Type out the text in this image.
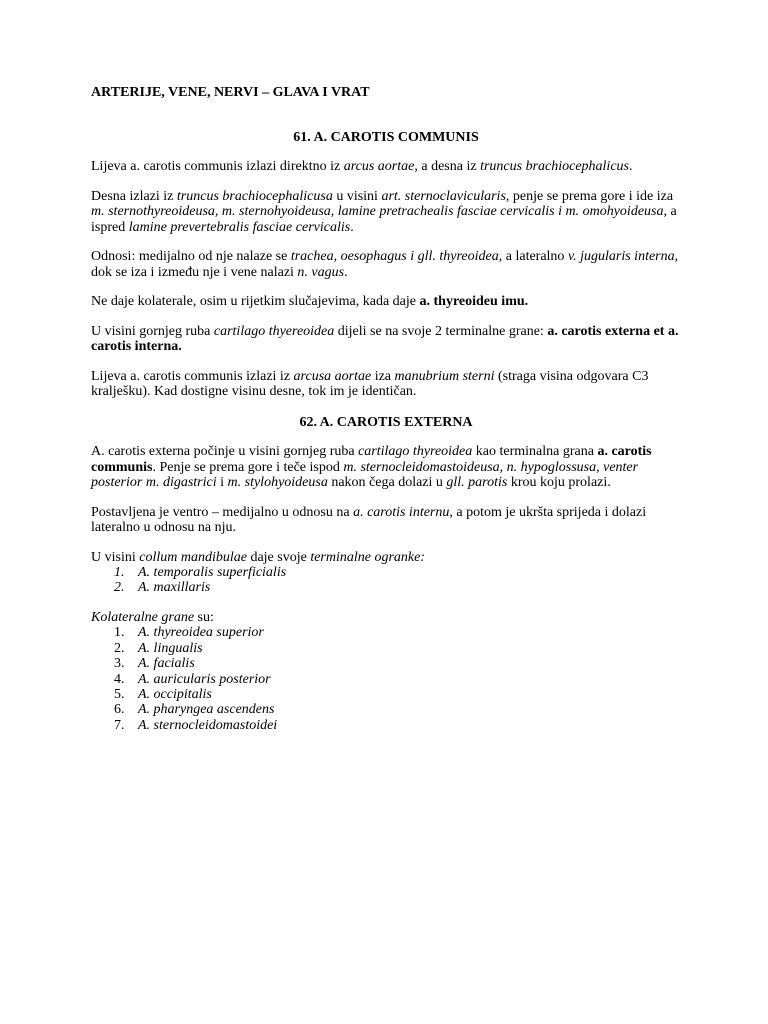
ARTERIJE, VENE, NERVI – GLAVA I VRAT
61. A. CAROTIS COMMUNIS

Lijeva a. carotis communis izlazi direktno iz arcus aortae, a desna iz truncus brachiocephalicus.

Desna izlazi iz truncus brachiocephalicusa u visini art. sternoclavicularis, penje se prema gore i ide iza m. sternothyreoideusa, m. sternohyoideusa, lamine pretrachealis fasciae cervicalis i m. omohyoideusa, a ispred lamine prevertebralis fasciae cervicalis.

Odnosi: medijalno od nje nalaze se trachea, oesophagus i gll. thyreoidea, a lateralno v. jugularis interna, dok se iza i između nje i vene nalazi n. vagus.

Ne daje kolaterale, osim u rijetkim slučajevima, kada daje a. thyreoideu imu.

U visini gornjeg ruba cartilago thyereoidea dijeli se na svoje 2 terminalne grane: a. carotis externa et a. carotis interna.

Lijeva a. carotis communis izlazi iz arcusa aortae iza manubrium sterni (straga visina odgovara C3 kralješku). Kad dostigne visinu desne, tok im je identičan.

62. A. CAROTIS EXTERNA

A. carotis externa počinje u visini gornjeg ruba cartilago thyreoidea kao terminalna grana a. carotis communis. Penje se prema gore i teče ispod m. sternocleidomastoideusa, n. hypoglossusa, venter posterior m. digastrici i m. stylohyoideusa nakon čega dolazi u gll. parotis krou koju prolazi.

Postavljena je ventro – medijalno u odnosu na a. carotis internu, a potom je ukršta sprijeda i dolazi lateralno u odnosu na nju.

U visini collum mandibulae daje svoje terminalne ogranke:
1. A. temporalis superficialis
2. A. maxillaris
Kolateralne grane su:
1. A. thyreoidea superior
2. A. lingualis
3. A. facialis
4. A. auricularis posterior
5. A. occipitalis
6. A. pharyngea ascendens
7. A. sternocleidomastoidei
